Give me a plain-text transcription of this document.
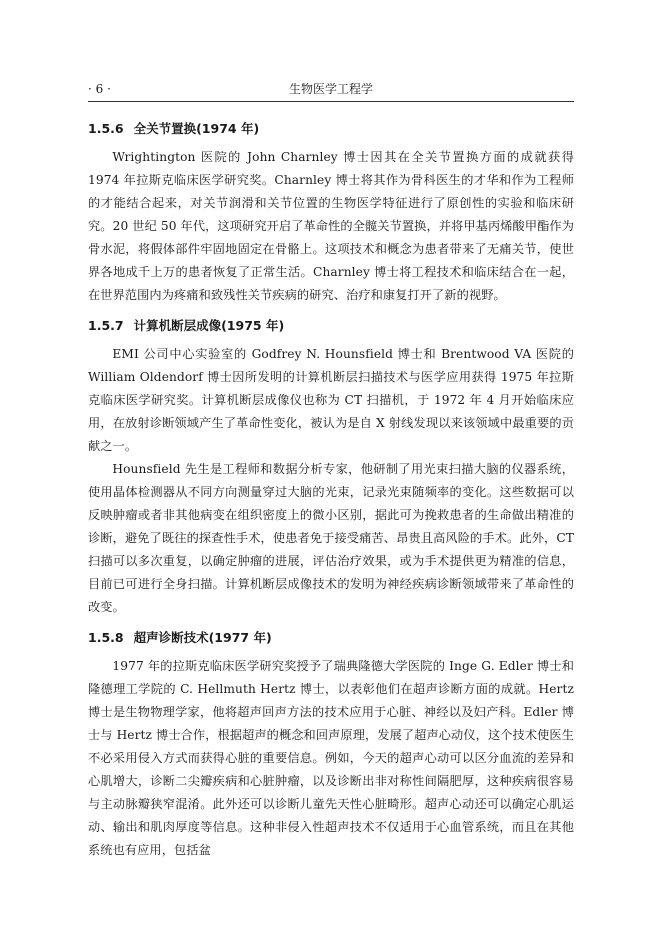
· 6 ·	生物医学工程学
1.5.6 全关节置换(1974 年)

Wrightington 医院的 John Charnley 博士因其在全关节置换方面的成就获得 1974 年拉斯克临床医学研究奖。Charnley 博士将其作为骨科医生的才华和作为工程师的才能结合起来，对关节润滑和关节位置的生物医学特征进行了原创性的实验和临床研究。20 世纪 50 年代，这项研究开启了革命性的全髋关节置换，并将甲基丙烯酸甲酯作为骨水泥，将假体部件牢固地固定在骨骼上。这项技术和概念为患者带来了无痛关节，使世界各地成千上万的患者恢复了正常生活。Charnley 博士将工程技术和临床结合在一起，在世界范围内为疼痛和致残性关节疾病的研究、治疗和康复打开了新的视野。

1.5.7 计算机断层成像(1975 年)

EMI 公司中心实验室的 Godfrey N. Hounsfield 博士和 Brentwood VA 医院的 William Oldendorf 博士因所发明的计算机断层扫描技术与医学应用获得 1975 年拉斯克临床医学研究奖。计算机断层成像仪也称为 CT 扫描机，于 1972 年 4 月开始临床应用，在放射诊断领域产生了革命性变化，被认为是自 X 射线发现以来该领域中最重要的贡献之一。

Hounsfield 先生是工程师和数据分析专家，他研制了用光束扫描大脑的仪器系统，使用晶体检测器从不同方向测量穿过大脑的光束，记录光束随频率的变化。这些数据可以反映肿瘤或者非其他病变在组织密度上的微小区别，据此可为挽救患者的生命做出精准的诊断，避免了既往的探查性手术，使患者免于接受痛苦、昂贵且高风险的手术。此外，CT 扫描可以多次重复，以确定肿瘤的进展，评估治疗效果，或为手术提供更为精准的信息，目前已可进行全身扫描。计算机断层成像技术的发明为神经疾病诊断领域带来了革命性的改变。

1.5.8 超声诊断技术(1977 年)

1977 年的拉斯克临床医学研究奖授予了瑞典隆德大学医院的 Inge G. Edler 博士和隆德理工学院的 C. Hellmuth Hertz 博士，以表彰他们在超声诊断方面的成就。Hertz 博士是生物物理学家，他将超声回声方法的技术应用于心脏、神经以及妇产科。Edler 博士与 Hertz 博士合作，根据超声的概念和回声原理，发展了超声心动仪，这个技术使医生不必采用侵入方式而获得心脏的重要信息。例如，今天的超声心动可以区分血流的差异和心肌增大，诊断二尖瓣疾病和心脏肿瘤，以及诊断出非对称性间隔肥厚，这种疾病很容易与主动脉瓣狭窄混淆。此外还可以诊断儿童先天性心脏畸形。超声心动还可以确定心肌运动、输出和肌肉厚度等信息。这种非侵入性超声技术不仅适用于心血管系统，而且在其他系统也有应用，包括盆
